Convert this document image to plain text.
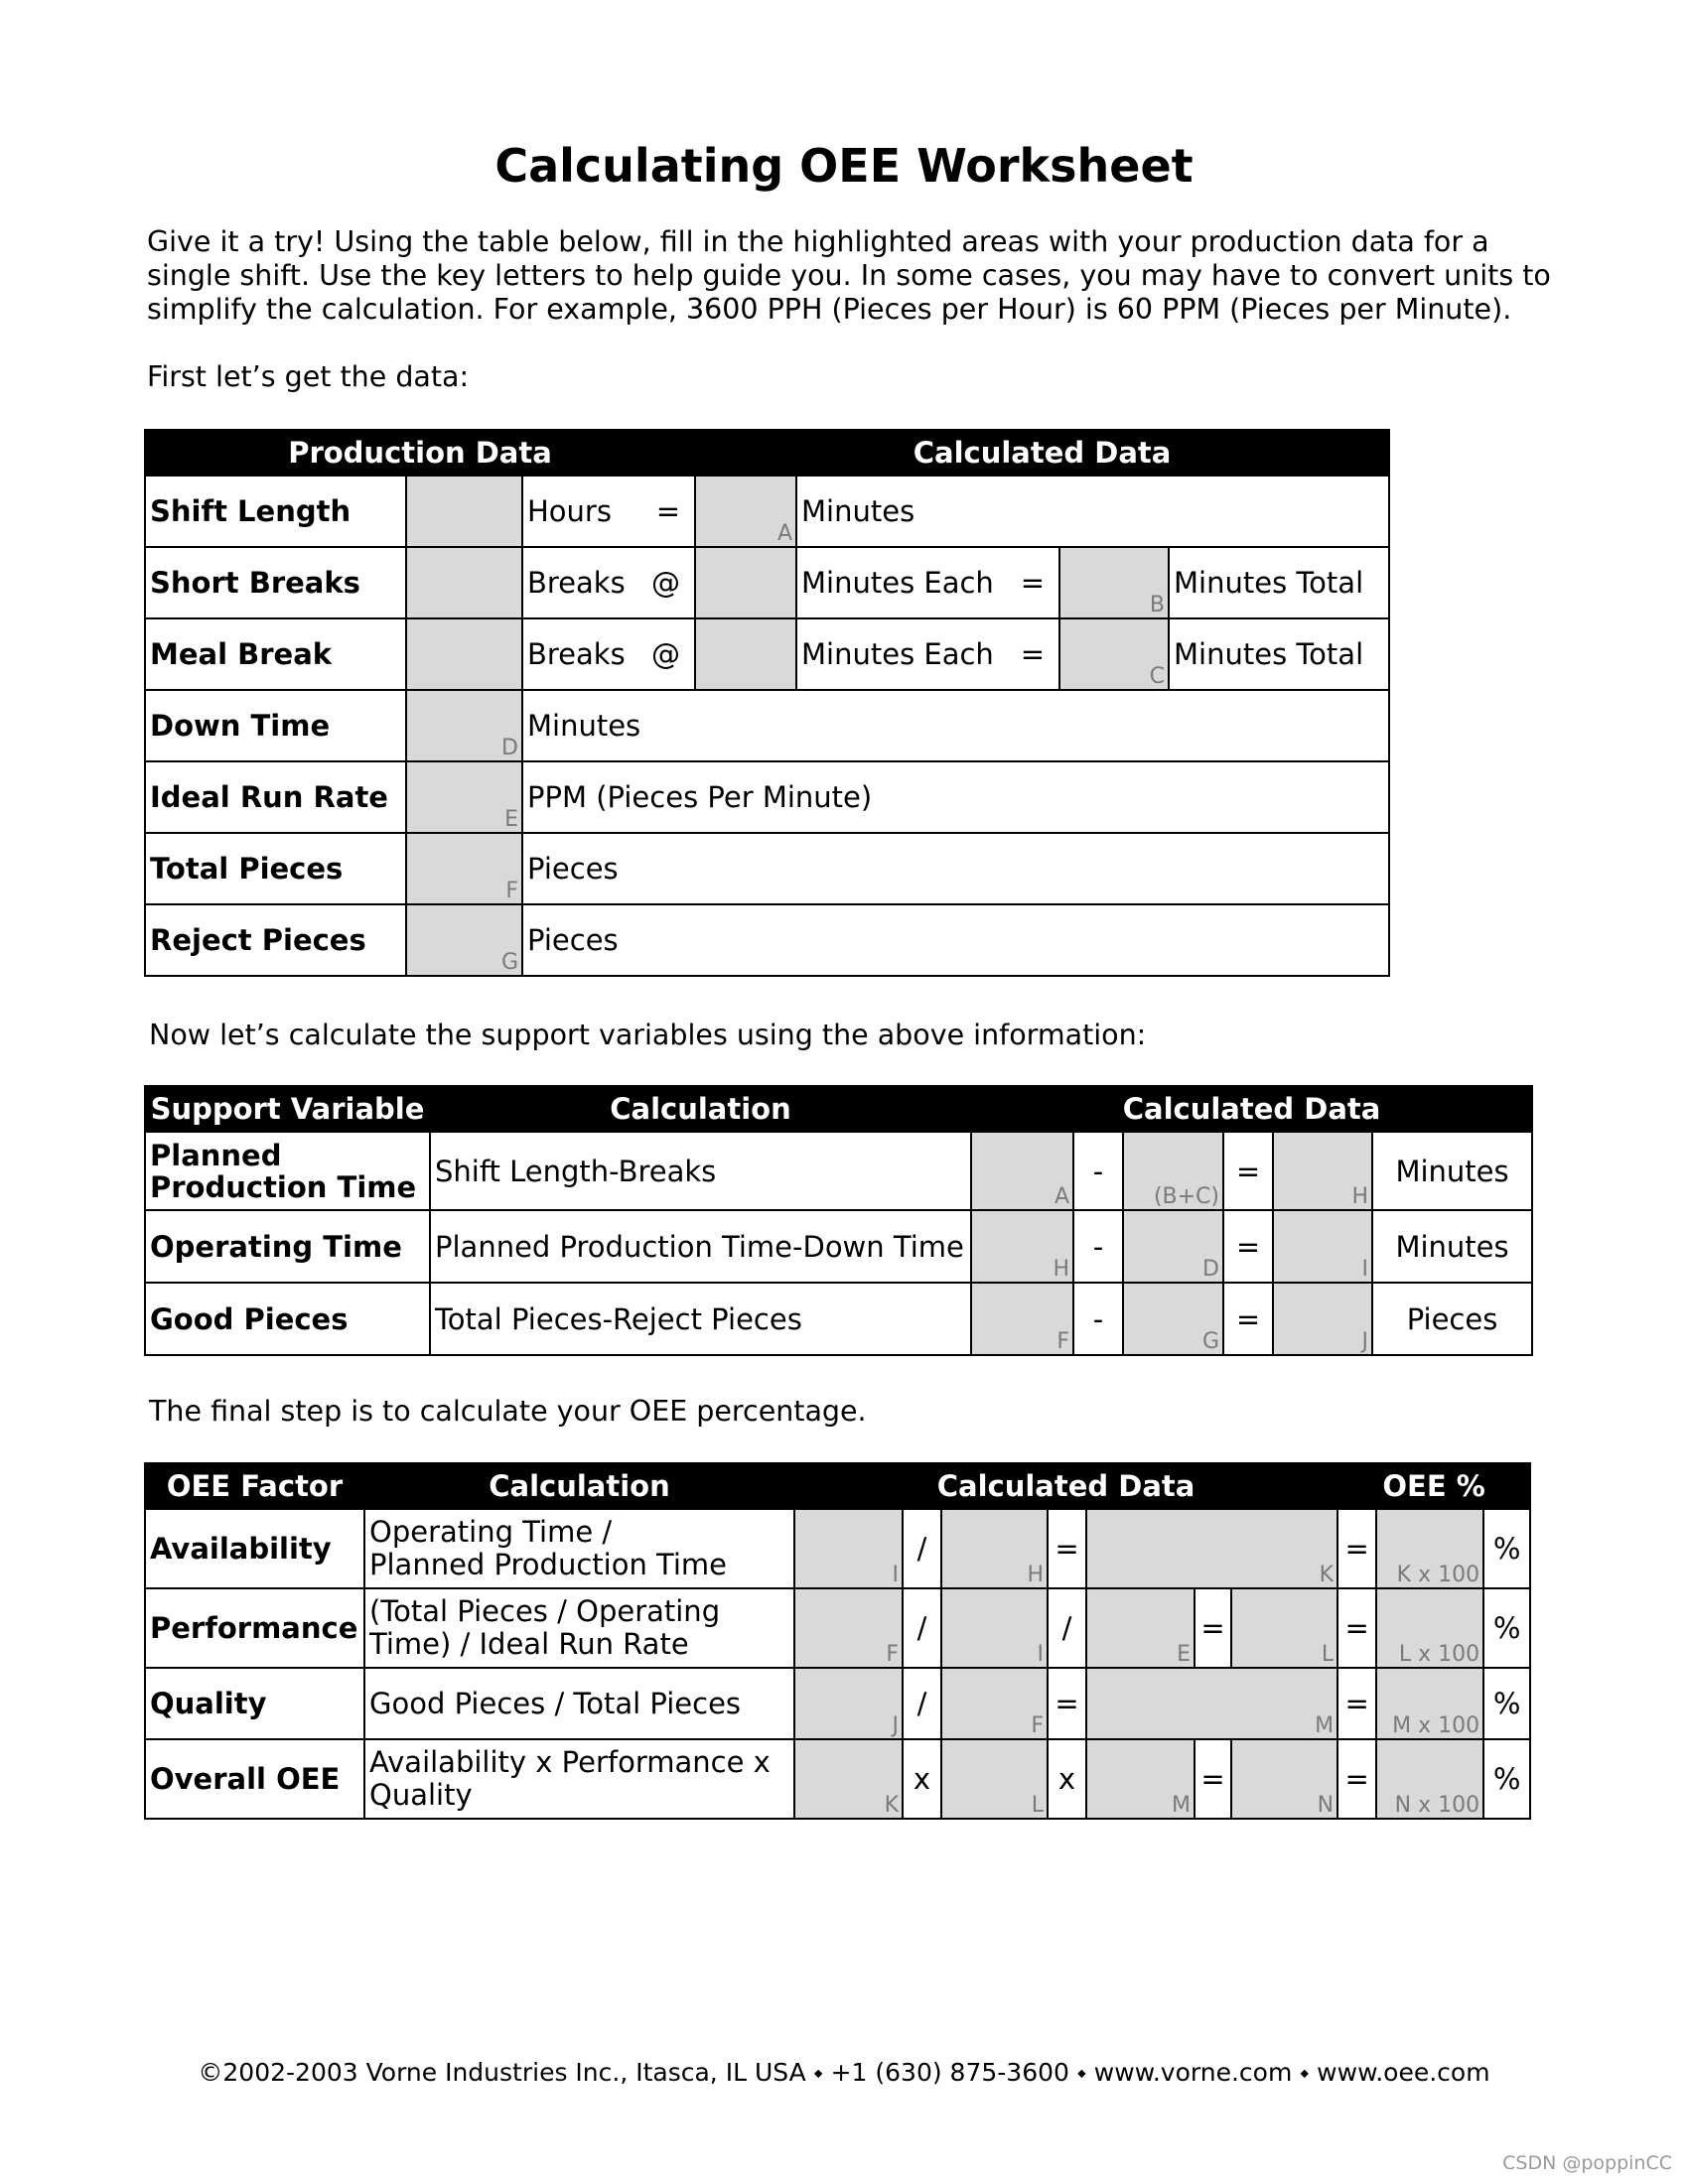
Calculating OEE Worksheet

Give it a try! Using the table below, fill in the highlighted areas with your production data for a

single shift. Use the key letters to help guide you. In some cases, you may have to convert units to

simplify the calculation. For example, 3600 PPH (Pieces per Hour) is 60 PPM (Pieces per Minute).

First let’s get the data:

Production Data			Calculated Data			
Shift Length		Hours =	A	Minutes		
Short Breaks		Breaks @		Minutes Each =	B	Minutes Total
Meal Break		Breaks @		Minutes Each =	C	Minutes Total
Down Time	D	Minutes				
Ideal Run Rate	E	PPM (Pieces Per Minute)				
Total Pieces	F	Pieces				
Reject Pieces	G	Pieces				
Now let’s calculate the support variables using the above information:
Support Variable	Calculation	Calculated Data					
Planned Production Time	Shift Length-Breaks	A	-	(B+C)	=	H	Minutes
Operating Time	Planned Production Time-Down Time	H	-	D	=	I	Minutes
Good Pieces	Total Pieces-Reject Pieces	F	-	G	=	J	Pieces
The final step is to calculate your OEE percentage.
OEE Factor	Calculation	Calculated Data							OEE %		
Availability	Operating Time /
Planned Production Time	I	/	H	=	K			=	K x 100	%
Performance	(Total Pieces / Operating
Time) / Ideal Run Rate	F	/	I	/	E	=	L	=	L x 100	%
Quality	Good Pieces / Total Pieces	J	/	F	=	M			=	M x 100	%
Overall OEE	Availability x Performance x
Quality	K	x	L	x	M	=	N	=	N x 100	%
©2002-2003 Vorne Industries Inc., Itasca, IL USA ⬩ +1 (630) 875-3600 ⬩ www.vorne.com ⬩ www.oee.com
CSDN @poppinCC
